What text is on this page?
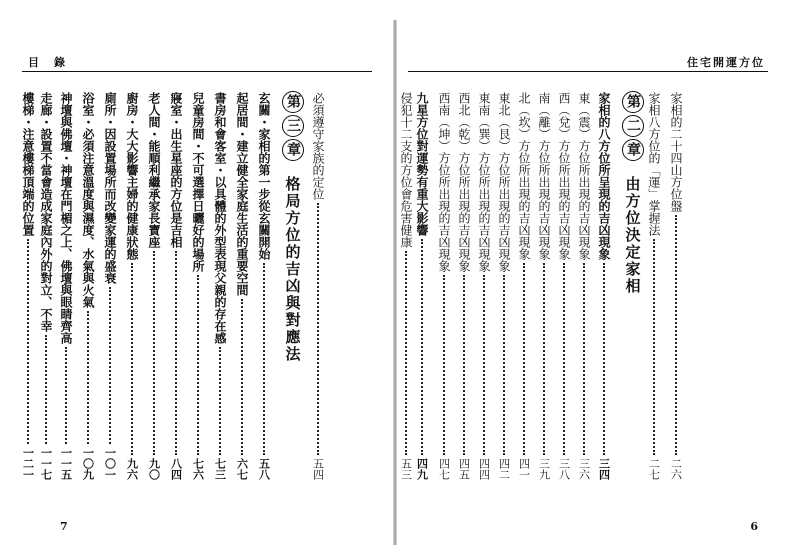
目　錄
必須遵守家族的定位
五四
第
三
章
格局方位的吉凶與對應法
玄關・家相的第一步從玄關開始
五八
起居間・建立健全家庭生活的重要空間
六七
書房和會客室・以具體的外型表現父親的存在感
七三
兒童房間・不可選擇日曬好的場所
七六
寢室・出生星座的方位是吉相
八四
老人間・能順利繼承家長寶座
九〇
廚房・大大影響主婦的健康狀態
九六
廁所・因設置場所而改變家運的盛衰
一〇一
浴室・必須注意溫度與濕度、水氣與火氣
一〇九
神壇與佛壇・神壇在門楣之上、佛壇與眼睛齊高
一一五
走廊・設置不當會造成家庭內外的對立、不幸
一一七
樓梯・注意樓梯頂端的位置
一二一
7
住宅開運方位
家相的二十四山方位盤
二六
家相八方位的「運」掌握法
二七
第
二
章
由方位決定家相
家相的八方位所呈現的吉凶現象
三四
東（震）方位所出現的吉凶現象
三六
西（兌）方位所出現的吉凶現象
三八
南（離）方位所出現的吉凶現象
三九
北（坎）方位所出現的吉凶現象
四一
東北（艮）方位所出現的吉凶現象
四二
東南（巽）方位所出現的吉凶現象
四四
西北（乾）方位所出現的吉凶現象
四五
西南（坤）方位所出現的吉凶現象
四七
九星方位對運勢有重大影響
四九
侵犯十二支的方位會危害健康
五三
6
